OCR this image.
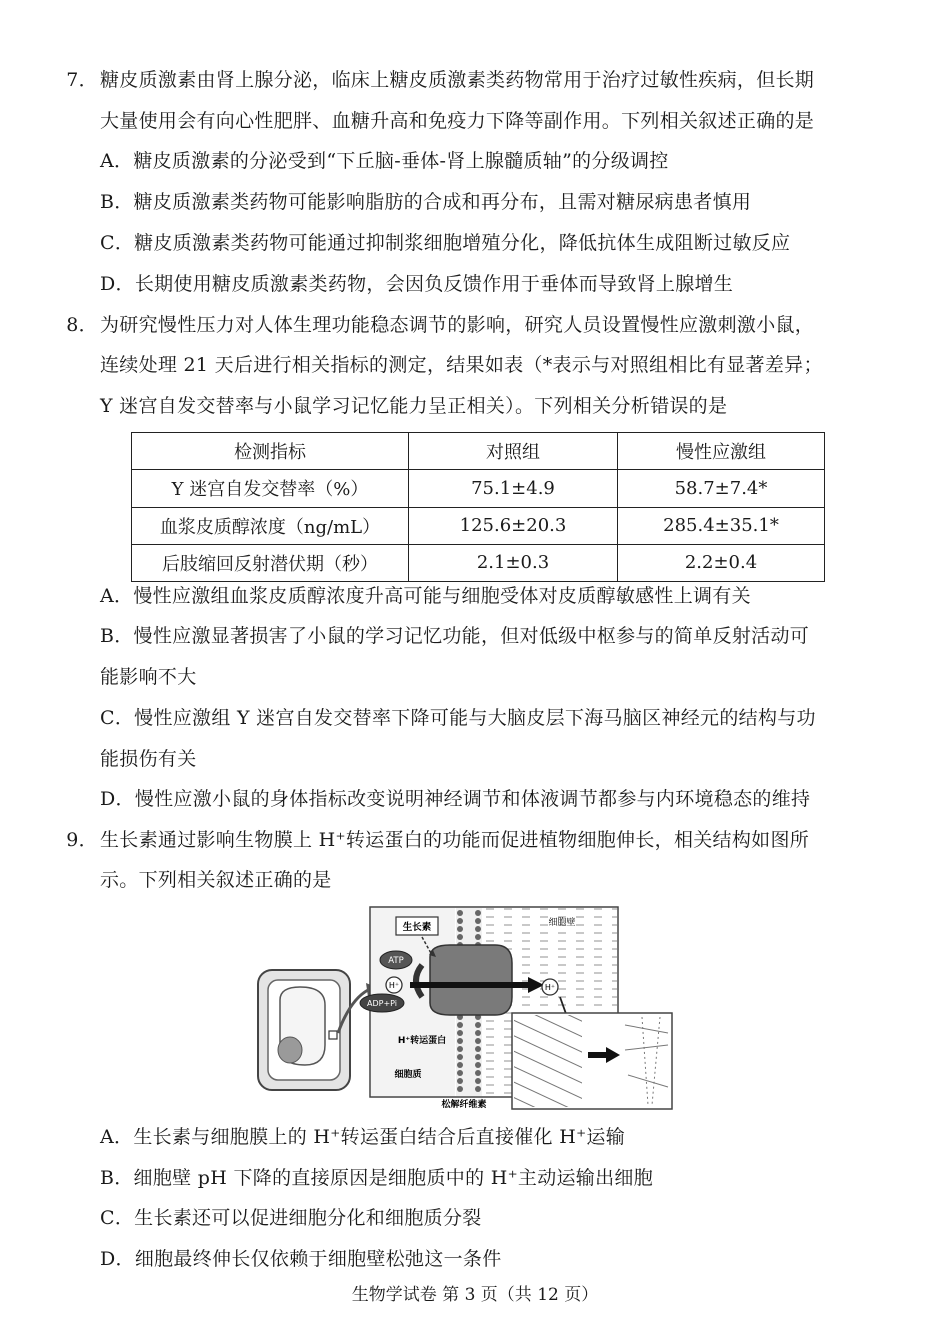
7． 糖皮质激素由肾上腺分泌，临床上糖皮质激素类药物常用于治疗过敏性疾病，但长期
大量使用会有向心性肥胖、血糖升高和免疫力下降等副作用。下列相关叙述正确的是
A．糖皮质激素的分泌受到“下丘脑-垂体-肾上腺髓质轴”的分级调控
B．糖皮质激素类药物可能影响脂肪的合成和再分布，且需对糖尿病患者慎用
C．糖皮质激素类药物可能通过抑制浆细胞增殖分化，降低抗体生成阻断过敏反应
D．长期使用糖皮质激素类药物，会因负反馈作用于垂体而导致肾上腺增生
8． 为研究慢性压力对人体生理功能稳态调节的影响，研究人员设置慢性应激刺激小鼠，
连续处理 21 天后进行相关指标的测定，结果如表（*表示与对照组相比有显著差异；
Y 迷宫自发交替率与小鼠学习记忆能力呈正相关）。下列相关分析错误的是
检测指标	对照组	慢性应激组
Y 迷宫自发交替率（%）	75.1±4.9	58.7±7.4*
血浆皮质醇浓度（ng/mL）	125.6±20.3	285.4±35.1*
后肢缩回反射潜伏期（秒）	2.1±0.3	2.2±0.4
A．慢性应激组血浆皮质醇浓度升高可能与细胞受体对皮质醇敏感性上调有关
B．慢性应激显著损害了小鼠的学习记忆功能，但对低级中枢参与的简单反射活动可
能影响不大
C．慢性应激组 Y 迷宫自发交替率下降可能与大脑皮层下海马脑区神经元的结构与功
能损伤有关
D．慢性应激小鼠的身体指标改变说明神经调节和体液调节都参与内环境稳态的维持
9． 生长素通过影响生物膜上 H⁺转运蛋白的功能而促进植物细胞伸长，相关结构如图所
示。下列相关叙述正确的是
生长素
ATP
H⁺
ADP+Pi
H⁺
细胞壁
H⁺转运蛋白
细胞质
松解纤维素
A．生长素与细胞膜上的 H⁺转运蛋白结合后直接催化 H⁺运输
B．细胞壁 pH 下降的直接原因是细胞质中的 H⁺主动运输出细胞
C．生长素还可以促进细胞分化和细胞质分裂
D．细胞最终伸长仅依赖于细胞壁松弛这一条件
生物学试卷 第 3 页（共 12 页）
